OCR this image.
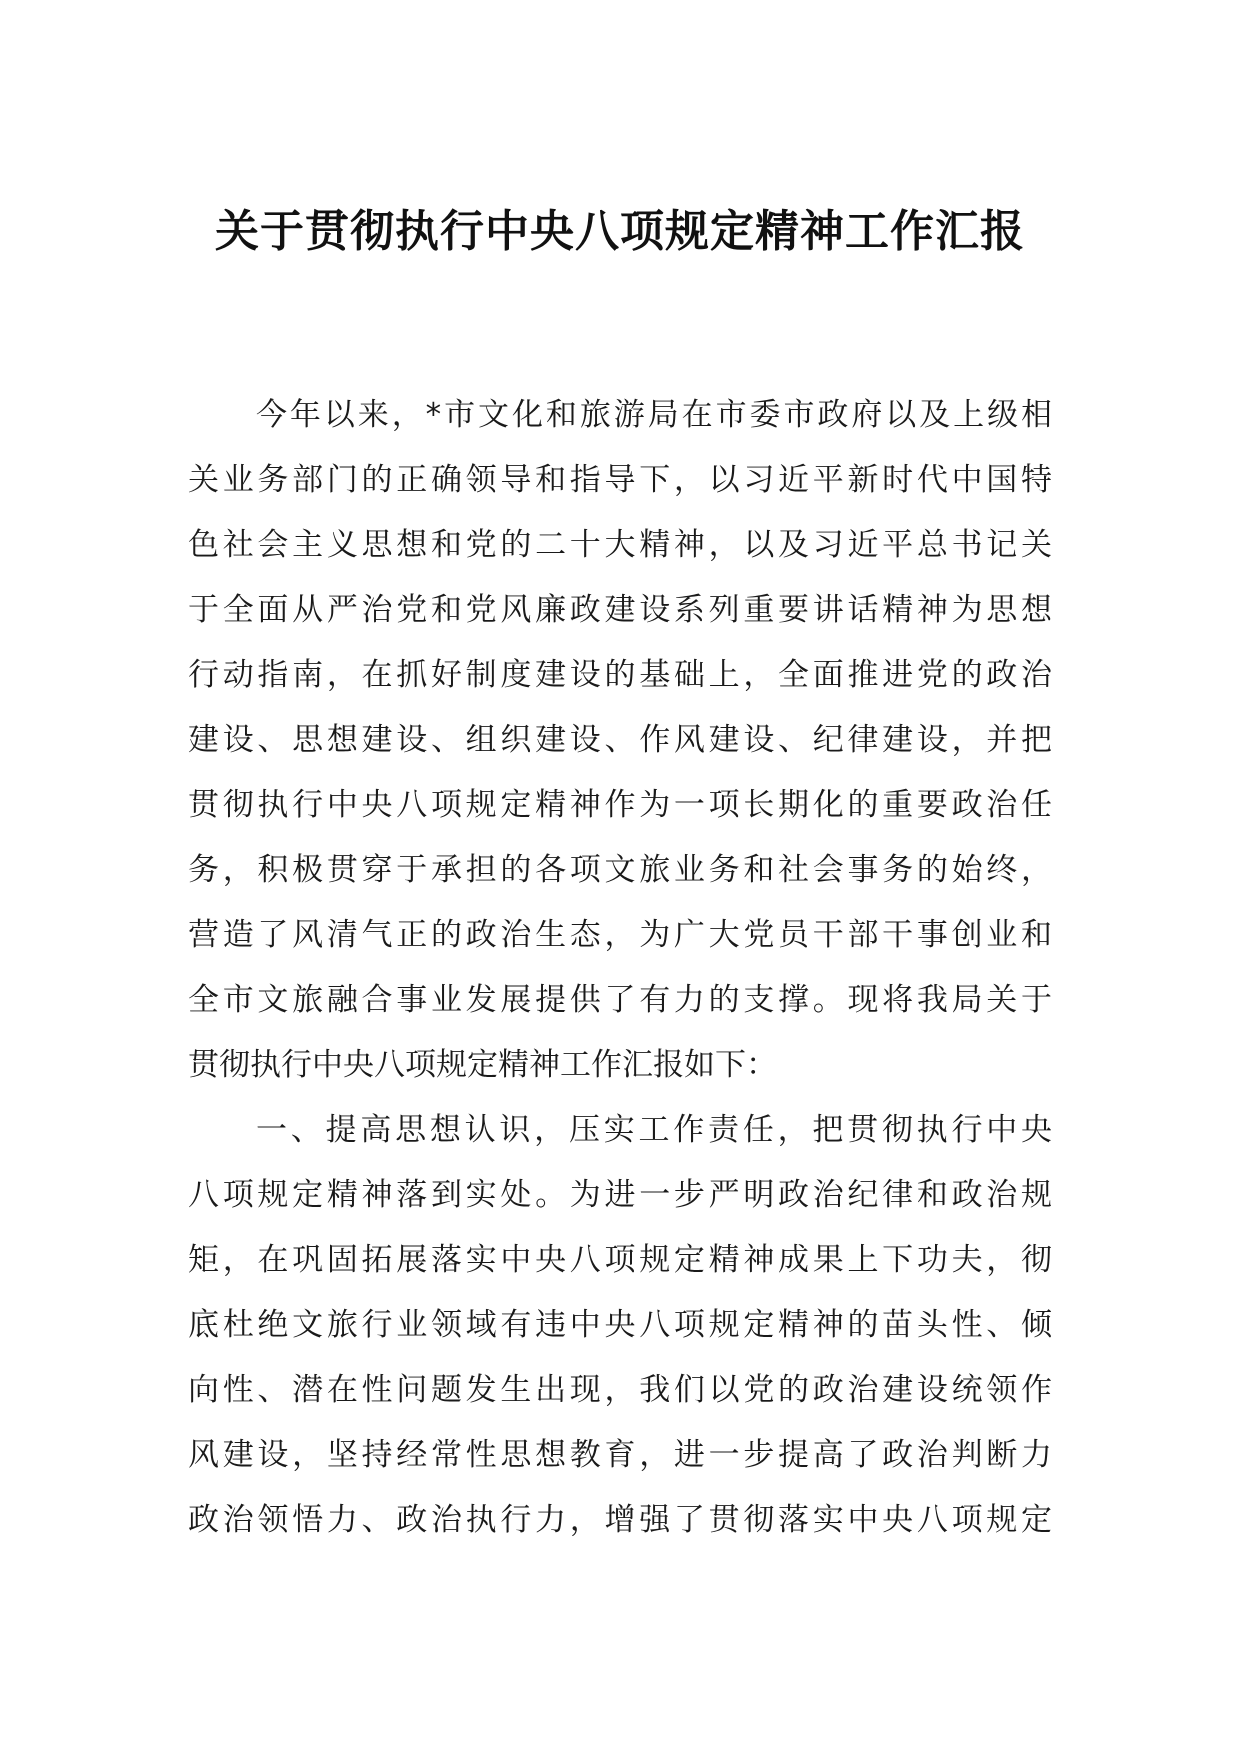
关于贯彻执行中央八项规定精神工作汇报

今年以来，*市文化和旅游局在市委市政府以及上级相
关业务部门的正确领导和指导下，以习近平新时代中国特
色社会主义思想和党的二十大精神，以及习近平总书记关
于全面从严治党和党风廉政建设系列重要讲话精神为思想
行动指南，在抓好制度建设的基础上，全面推进党的政治
建设、思想建设、组织建设、作风建设、纪律建设，并把
贯彻执行中央八项规定精神作为一项长期化的重要政治任
务，积极贯穿于承担的各项文旅业务和社会事务的始终，
营造了风清气正的政治生态，为广大党员干部干事创业和
全市文旅融合事业发展提供了有力的支撑。现将我局关于
贯彻执行中央八项规定精神工作汇报如下：

一、提高思想认识，压实工作责任，把贯彻执行中央
八项规定精神落到实处。为进一步严明政治纪律和政治规
矩，在巩固拓展落实中央八项规定精神成果上下功夫，彻
底杜绝文旅行业领域有违中央八项规定精神的苗头性、倾
向性、潜在性问题发生出现，我们以党的政治建设统领作
风建设，坚持经常性思想教育，进一步提高了政治判断力
政治领悟力、政治执行力，增强了贯彻落实中央八项规定
